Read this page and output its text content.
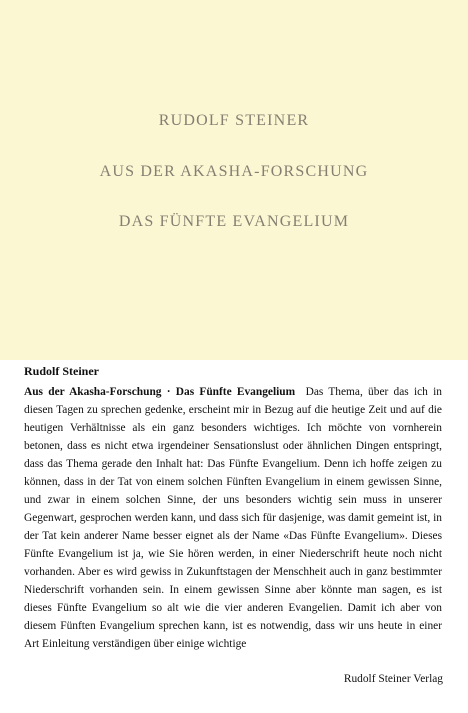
RUDOLF STEINER
AUS DER AKASHA-FORSCHUNG
DAS FÜNFTE EVANGELIUM
Rudolf Steiner

Aus der Akasha-Forschung · Das Fünfte Evangelium Das Thema, über das ich in diesen Tagen zu sprechen gedenke, erscheint mir in Bezug auf die heutige Zeit und auf die heutigen Verhältnisse als ein ganz besonders wichtiges. Ich möchte von vornherein betonen, dass es nicht etwa irgendeiner Sensationslust oder ähnlichen Dingen entspringt, dass das Thema gerade den Inhalt hat: Das Fünfte Evangelium. Denn ich hoffe zeigen zu können, dass in der Tat von einem solchen Fünften Evangelium in einem gewissen Sinne, und zwar in einem solchen Sinne, der uns besonders wichtig sein muss in unserer Gegenwart, gesprochen werden kann, und dass sich für dasjenige, was damit gemeint ist, in der Tat kein anderer Name besser eignet als der Name «Das Fünfte Evangelium». Dieses Fünfte Evangelium ist ja, wie Sie hören werden, in einer Niederschrift heute noch nicht vorhanden. Aber es wird gewiss in Zukunftstagen der Menschheit auch in ganz bestimmter Niederschrift vorhanden sein. In einem gewissen Sinne aber könnte man sagen, es ist dieses Fünfte Evangelium so alt wie die vier anderen Evangelien. Damit ich aber von diesem Fünften Evangelium sprechen kann, ist es notwendig, dass wir uns heute in einer Art Einleitung verständigen über einige wichtige

Rudolf Steiner Verlag
